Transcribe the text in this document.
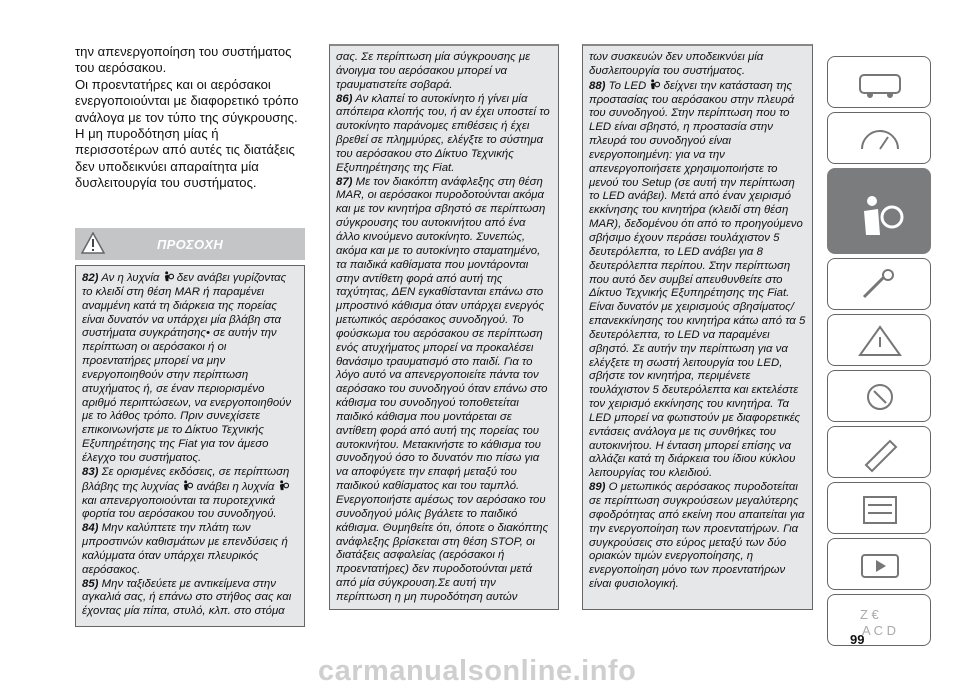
την απενεργοποίηση του συστήματος του αερόσακου.

Οι προεντατήρες και οι αερόσακοι ενεργοποιούνται με διαφορετικό τρόπο ανάλογα με τον τύπο της σύγκρουσης. Η μη πυροδότηση μίας ή περισσοτέρων από αυτές τις διατάξεις δεν υποδεικνύει απαραίτητα μία δυσλειτουργία του συστήματος.

ΠΡΟΣΟΧΗ

82) Αν η λυχνία  δεν ανάβει γυρίζοντας το κλειδί στη θέση MAR ή παραμένει αναμμένη κατά τη διάρκεια της πορείας είναι δυνατόν να υπάρχει μία βλάβη στα συστήματα συγκράτησης• σε αυτήν την περίπτωση οι αερόσακοι ή οι προεντατήρες μπορεί να μην ενεργοποιηθούν στην περίπτωση ατυχήματος ή, σε έναν περιορισμένο αριθμό περιπτώσεων, να ενεργοποιηθούν με το λάθος τρόπο. Πριν συνεχίσετε επικοινωνήστε με το Δίκτυο Τεχνικής Εξυπηρέτησης της Fiat για τον άμεσο έλεγχο του συστήματος.

83) Σε ορισμένες εκδόσεις, σε περίπτωση βλάβης της λυχνίας  ανάβει η λυχνία  και απενεργοποιούνται τα πυροτεχνικά φορτία του αερόσακου του συνοδηγού.

84) Μην καλύπτετε την πλάτη των μπροστινών καθισμάτων με επενδύσεις ή καλύμματα όταν υπάρχει πλευρικός αερόσακος.

85) Μην ταξιδεύετε με αντικείμενα στην αγκαλιά σας, ή επάνω στο στήθος σας και έχοντας μία πίπα, στυλό, κλπ. στο στόμα

σας. Σε περίπτωση μία σύγκρουσης με άνοιγμα του αερόσακου μπορεί να τραυματιστείτε σοβαρά.

86) Αν κλαπεί το αυτοκίνητο ή γίνει μία απόπειρα κλοπής του, ή αν έχει υποστεί το αυτοκίνητο παράνομες επιθέσεις ή έχει βρεθεί σε πλημμύρες, ελέγξτε το σύστημα του αερόσακου στο Δίκτυο Τεχνικής Εξυπηρέτησης της Fiat.

87) Με τον διακόπτη ανάφλεξης στη θέση MAR, οι αερόσακοι πυροδοτούνται ακόμα και με τον κινητήρα σβηστό σε περίπτωση σύγκρουσης του αυτοκινήτου από ένα άλλο κινούμενο αυτοκίνητο. Συνεπώς, ακόμα και με το αυτοκίνητο σταματημένο, τα παιδικά καθίσματα που μοντάρονται στην αντίθετη φορά από αυτή της ταχύτητας, ΔΕΝ εγκαθίστανται επάνω στο μπροστινό κάθισμα όταν υπάρχει ενεργός μετωπικός αερόσακος συνοδηγού. Το φούσκωμα του αερόσακου σε περίπτωση ενός ατυχήματος μπορεί να προκαλέσει θανάσιμο τραυματισμό στο παιδί. Για το λόγο αυτό να απενεργοποιείτε πάντα τον αερόσακο του συνοδηγού όταν επάνω στο κάθισμα του συνοδηγού τοποθετείται παιδικό κάθισμα που μοντάρεται σε αντίθετη φορά από αυτή της πορείας του αυτοκινήτου. Μετακινήστε το κάθισμα του συνοδηγού όσο το δυνατόν πιο πίσω για να αποφύγετε την επαφή μεταξύ του παιδικού καθίσματος και του ταμπλό. Ενεργοποιήστε αμέσως τον αερόσακο του συνοδηγού μόλις βγάλετε το παιδικό κάθισμα. Θυμηθείτε ότι, όποτε ο διακόπτης ανάφλεξης βρίσκεται στη θέση STOP, οι διατάξεις ασφαλείας (αερόσακοι ή προεντατήρες) δεν πυροδοτούνται μετά από μία σύγκρουση.Σε αυτή την περίπτωση η μη πυροδότηση αυτών

των συσκευών δεν υποδεικνύει μία δυσλειτουργία του συστήματος.

88) Το LED  δείχνει την κατάσταση της προστασίας του αερόσακου στην πλευρά του συνοδηγού. Στην περίπτωση που το LED είναι σβηστό, η προστασία στην πλευρά του συνοδηγού είναι ενεργοποιημένη: για να την απενεργοποιήσετε χρησιμοποιήστε το μενού του Setup (σε αυτή την περίπτωση το LED ανάβει). Μετά από έναν χειρισμό εκκίνησης του κινητήρα (κλειδί στη θέση MAR), δεδομένου ότι από το προηγούμενο σβήσιμο έχουν περάσει τουλάχιστον 5 δευτερόλεπτα, το LED ανάβει για 8 δευτερόλεπτα περίπου. Στην περίπτωση που αυτό δεν συμβεί απευθυνθείτε στο Δίκτυο Τεχνικής Εξυπηρέτησης της Fiat. Είναι δυνατόν με χειρισμούς σβησίματος/επανεκκίνησης του κινητήρα κάτω από τα 5 δευτερόλεπτα, το LED να παραμένει σβηστό. Σε αυτήν την περίπτωση για να ελέγξετε τη σωστή λειτουργία του LED, σβήστε τον κινητήρα, περιμένετε τουλάχιστον 5 δευτερόλεπτα και εκτελέστε τον χειρισμό εκκίνησης του κινητήρα. Τα LED μπορεί να φωτιστούν με διαφορετικές εντάσεις ανάλογα με τις συνθήκες του αυτοκινήτου. Η ένταση μπορεί επίσης να αλλάζει κατά τη διάρκεια του ίδιου κύκλου λειτουργίας του κλειδιού.

89) Ο μετωπικός αερόσακος πυροδοτείται σε περίπτωση συγκρούσεων μεγαλύτερης σφοδρότητας από εκείνη που απαιτείται για την ενεργοποίηση των προεντατήρων. Για συγκρούσεις στο εύρος μεταξύ των δύο οριακών τιμών ενεργοποίησης, η ενεργοποίηση μόνο των προεντατήρων είναι φυσιολογική.

Z €
A C D
99
carmanualsonline.info
